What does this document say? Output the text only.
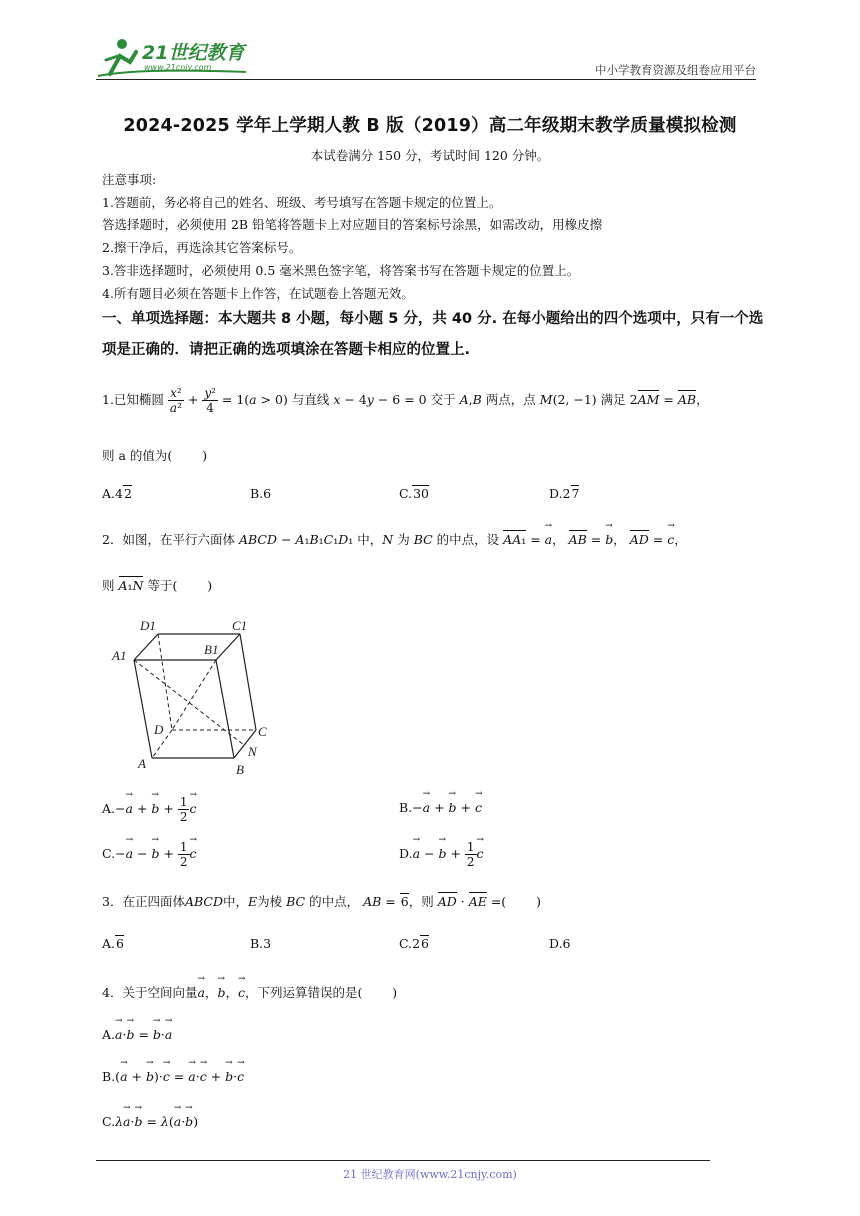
21世纪教育
www.21cnjy.com	中小学教育资源及组卷应用平台
2024-2025 学年上学期人教 B 版（2019）高二年级期末教学质量模拟检测
本试卷满分 150 分，考试时间 120 分钟。
注意事项:
1.答题前，务必将自己的姓名、班级、考号填写在答题卡规定的位置上。
答选择题时，必须使用 2B 铅笔将答题卡上对应题目的答案标号涂黑，如需改动，用橡皮擦
2.擦干净后，再选涂其它答案标号。
3.答非选择题时，必须使用 0.5 毫米黑色签字笔，将答案书写在答题卡规定的位置上。
4.所有题目必须在答题卡上作答，在试题卷上答题无效。
一、单项选择题：本大题共 8 小题，每小题 5 分，共 40 分. 在每小题给出的四个选项中，只有一个选项是正确的．请把正确的选项填涂在答题卡相应的位置上.
1.已知椭圆 $\frac{\text{x²}}{\text{a²}} + \frac{\text{y²}}{4} = 1(a > 0)$ 与直线 x − 4y − 6 = 0 交于 A,B 两点，点 M(2, −1) 满足 2AM = AB，
则 a 的值为( )
A.42	B.6	C.30	D.27
2．如图，在平行六面体 ABCD − A₁B₁C₁D₁ 中，N 为 BC 的中点，设 AA₁ = a →， AB = b →， AD = c →，
则 A₁N 等于( )
D1	C1
A1	B1
D	C
N
A	B
A.−a → + b → + $\frac{1}{2}$ c →	B.−a → + b → + c →
C.−a → − b → + $\frac{1}{2}$ c →	D.a → − b → + $\frac{1}{2}$ c →
3．在正四面体ABCD中，E为棱 BC 的中点， AB = 6，则 AD · AE =( )
A.6	B.3	C.26	D.6
4．关于空间向量a →，b →，c →，下列运算错误的是( )
A.a →·b → = b →·a →
B.(a → + b →)·c → = a →·c → + b →·c →
C.λa →·b → = λ(a →·b →)
21 世纪教育网(www.21cnjy.com)
